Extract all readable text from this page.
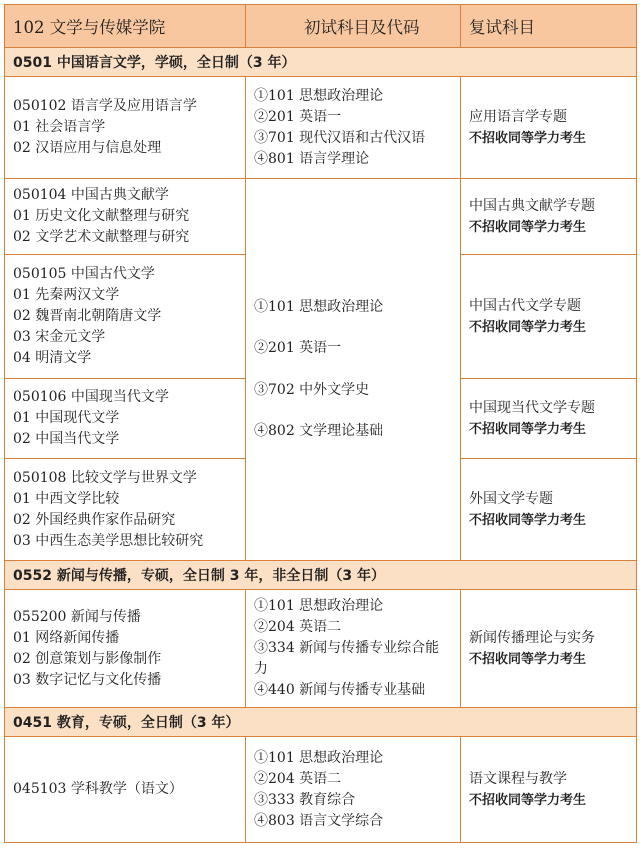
102 文学与传媒学院	初试科目及代码	复试科目
0501 中国语言文学，学硕，全日制（3 年）		

050102 语言学及应用语言学
01 社会语言学
02 汉语应用与信息处理	①101 思想政治理论
②201 英语一
③701 现代汉语和古代汉语
④801 语言学理论	应用语言学专题
不招收同等学力考生

050104 中国古典文献学
01 历史文化文献整理与研究
02 文学艺术文献整理与研究	①101 思想政治理论
②201 英语一
③702 中外文学史
④802 文学理论基础	中国古典文献学专题
不招收同等学力考生

050105 中国古代文学
01 先秦两汉文学
02 魏晋南北朝隋唐文学
03 宋金元文学
04 明清文学		中国古代文学专题
不招收同等学力考生

050106 中国现当代文学
01 中国现代文学
02 中国当代文学		中国现当代文学专题
不招收同等学力考生

050108 比较文学与世界文学
01 中西文学比较
02 外国经典作家作品研究
03 中西生态美学思想比较研究		外国文学专题
不招收同等学力考生

0552 新闻与传播，专硕，全日制 3 年，非全日制（3 年）		

055200 新闻与传播
01 网络新闻传播
02 创意策划与影像制作
03 数字记忆与文化传播	①101 思想政治理论
②204 英语二
③334 新闻与传播专业综合能力
④440 新闻与传播专业基础	新闻传播理论与实务
不招收同等学力考生

0451 教育，专硕，全日制（3 年）		

045103 学科教学（语文）	①101 思想政治理论
②204 英语二
③333 教育综合
④803 语言文学综合	语文课程与教学
不招收同等学力考生
